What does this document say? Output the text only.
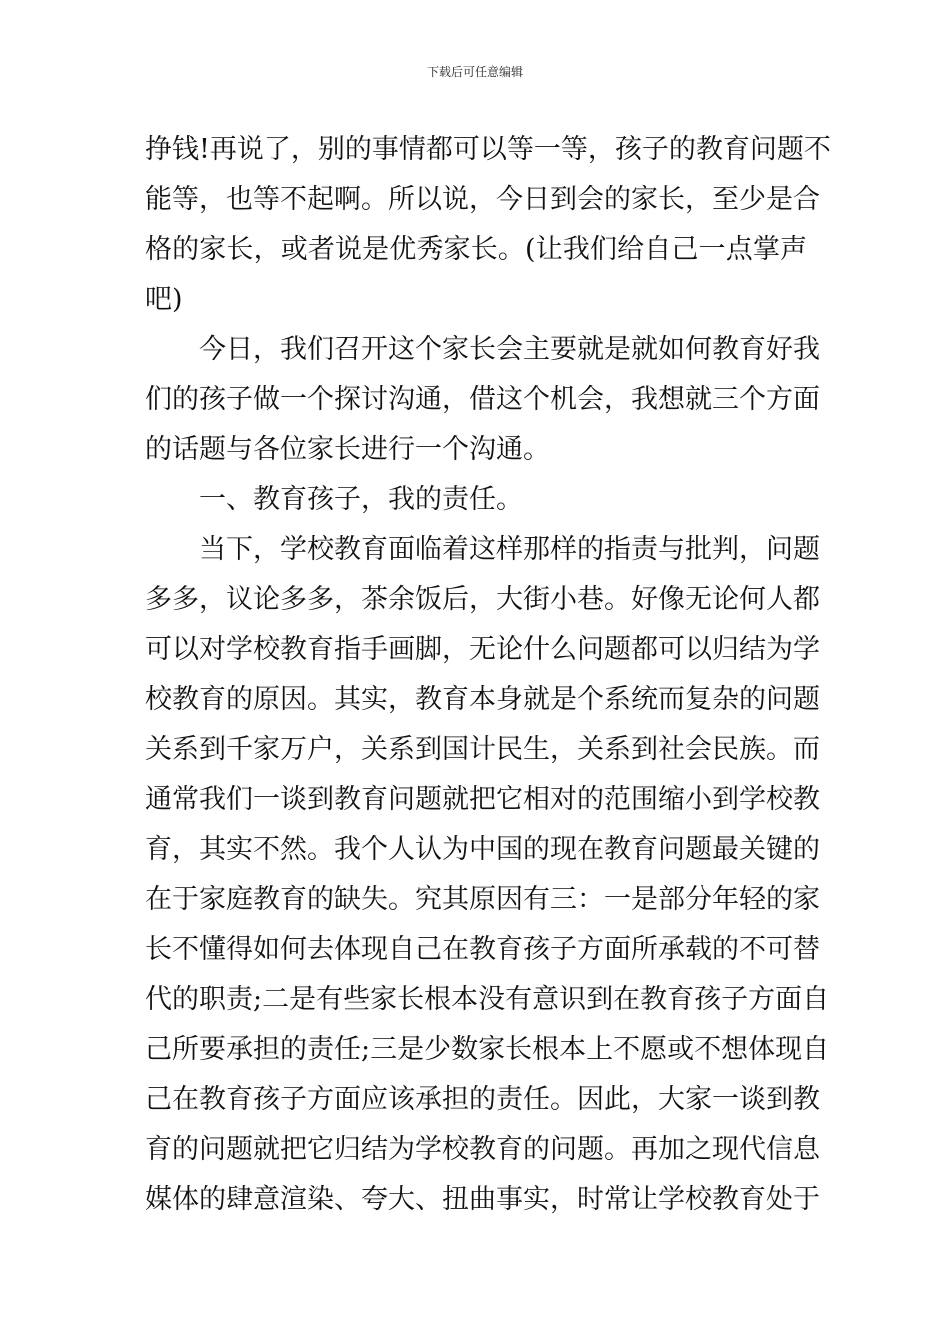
下载后可任意编辑
挣钱!再说了，别的事情都可以等一等，孩子的教育问题不
能等，也等不起啊。所以说，今日到会的家长，至少是合
格的家长，或者说是优秀家长。(让我们给自己一点掌声
吧)
今日，我们召开这个家长会主要就是就如何教育好我
们的孩子做一个探讨沟通，借这个机会，我想就三个方面
的话题与各位家长进行一个沟通。
一、教育孩子，我的责任。
当下，学校教育面临着这样那样的指责与批判，问题
多多，议论多多，茶余饭后，大街小巷。好像无论何人都
可以对学校教育指手画脚，无论什么问题都可以归结为学
校教育的原因。其实，教育本身就是个系统而复杂的问题
关系到千家万户，关系到国计民生，关系到社会民族。而
通常我们一谈到教育问题就把它相对的范围缩小到学校教
育，其实不然。我个人认为中国的现在教育问题最关键的
在于家庭教育的缺失。究其原因有三：一是部分年轻的家
长不懂得如何去体现自己在教育孩子方面所承载的不可替
代的职责;二是有些家长根本没有意识到在教育孩子方面自
己所要承担的责任;三是少数家长根本上不愿或不想体现自
己在教育孩子方面应该承担的责任。因此，大家一谈到教
育的问题就把它归结为学校教育的问题。再加之现代信息
媒体的肆意渲染、夸大、扭曲事实，时常让学校教育处于
